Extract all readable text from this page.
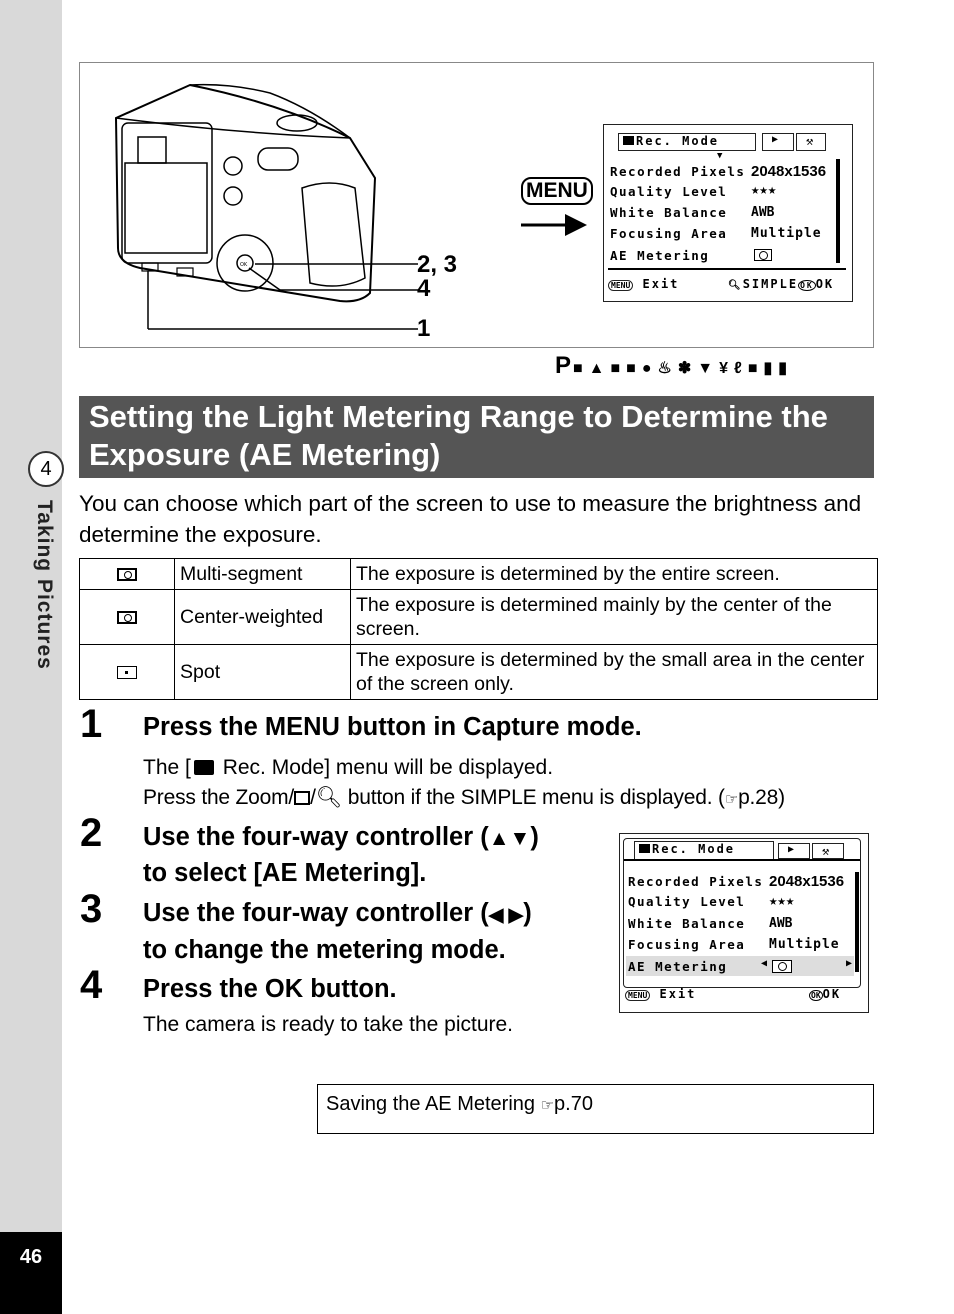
4
Taking Pictures
46
OK	2, 3
4
1
MENU
Rec. Mode	▶	⚒
▼
Recorded Pixels 2048x1536
Quality Level ★★★
White Balance AWB
Focusing Area Multiple
AE Metering
MENU Exit	🔍︎SIMPLE OK OK
P■▲■■●♨✽▼¥ℓ■▮▮
Setting the Light Metering Range to Determine the Exposure (AE Metering)
You can choose which part of the screen to use to measure the brightness and determine the exposure.
	Multi-segment	The exposure is determined by the entire screen.

	Center-weighted	The exposure is determined mainly by the center of the screen.

	Spot	The exposure is determined by the small area in the center of the screen only.
1 Press the MENU button in Capture mode.
The [ Rec. Mode] menu will be displayed.
Press the Zoom/ /🔍︎ button if the SIMPLE menu is displayed. (☞p.28)
2 Use the four-way controller (▲▼)
to select [AE Metering].
3 Use the four-way controller (◀ ▶)
to change the metering mode.
4 Press the OK button.
The camera is ready to take the picture.
Rec. Mode	▶	⚒
Recorded Pixels 2048x1536
Quality Level ★★★
White Balance AWB
Focusing Area Multiple
AE Metering	◀	▶
MENU Exit	OK OK
Saving the AE Metering ☞p.70
